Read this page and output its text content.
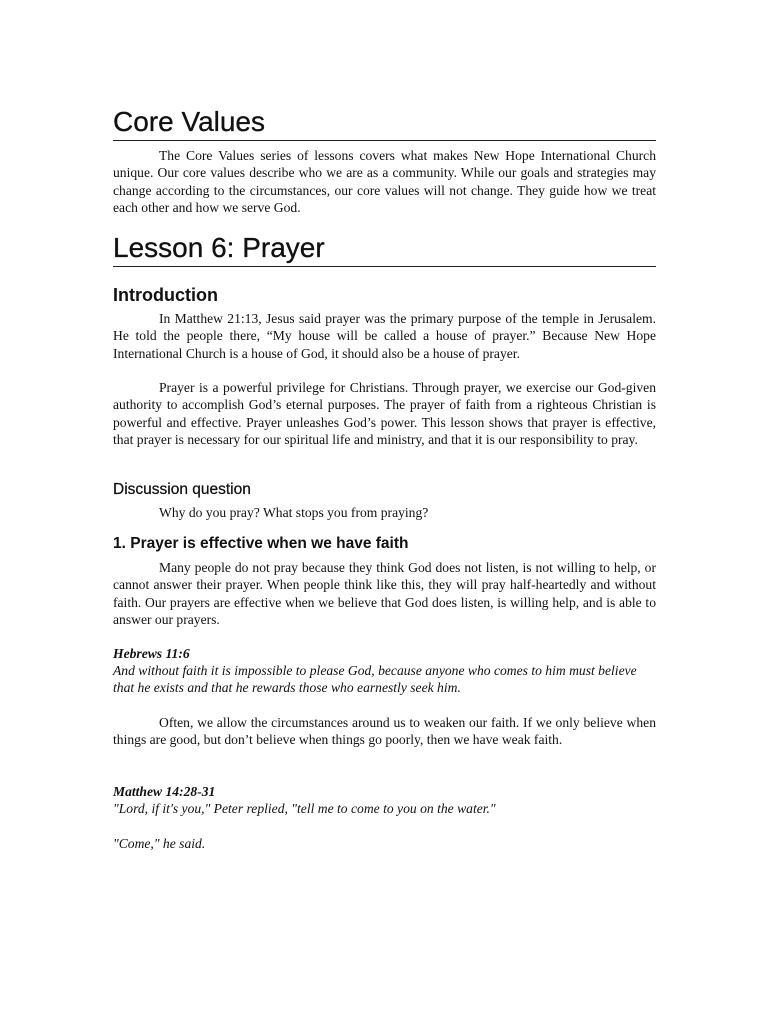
Core Values

The Core Values series of lessons covers what makes New Hope International Church unique. Our core values describe who we are as a community. While our goals and strategies may change according to the circumstances, our core values will not change. They guide how we treat each other and how we serve God.

Lesson 6: Prayer
Introduction

In Matthew 21:13, Jesus said prayer was the primary purpose of the temple in Jerusalem. He told the people there, “My house will be called a house of prayer.” Because New Hope International Church is a house of God, it should also be a house of prayer.

Prayer is a powerful privilege for Christians. Through prayer, we exercise our God-given authority to accomplish God’s eternal purposes. The prayer of faith from a righteous Christian is powerful and effective. Prayer unleashes God’s power. This lesson shows that prayer is effective, that prayer is necessary for our spiritual life and ministry, and that it is our responsibility to pray.

Discussion question

Why do you pray? What stops you from praying?

1. Prayer is effective when we have faith

Many people do not pray because they think God does not listen, is not willing to help, or cannot answer their prayer. When people think like this, they will pray half-heartedly and without faith. Our prayers are effective when we believe that God does listen, is willing help, and is able to answer our prayers.

Hebrews 11:6
And without faith it is impossible to please God, because anyone who comes to him must believe that he exists and that he rewards those who earnestly seek him.

Often, we allow the circumstances around us to weaken our faith. If we only believe when things are good, but don’t believe when things go poorly, then we have weak faith.

Matthew 14:28-31
"Lord, if it's you," Peter replied, "tell me to come to you on the water."
"Come," he said.
